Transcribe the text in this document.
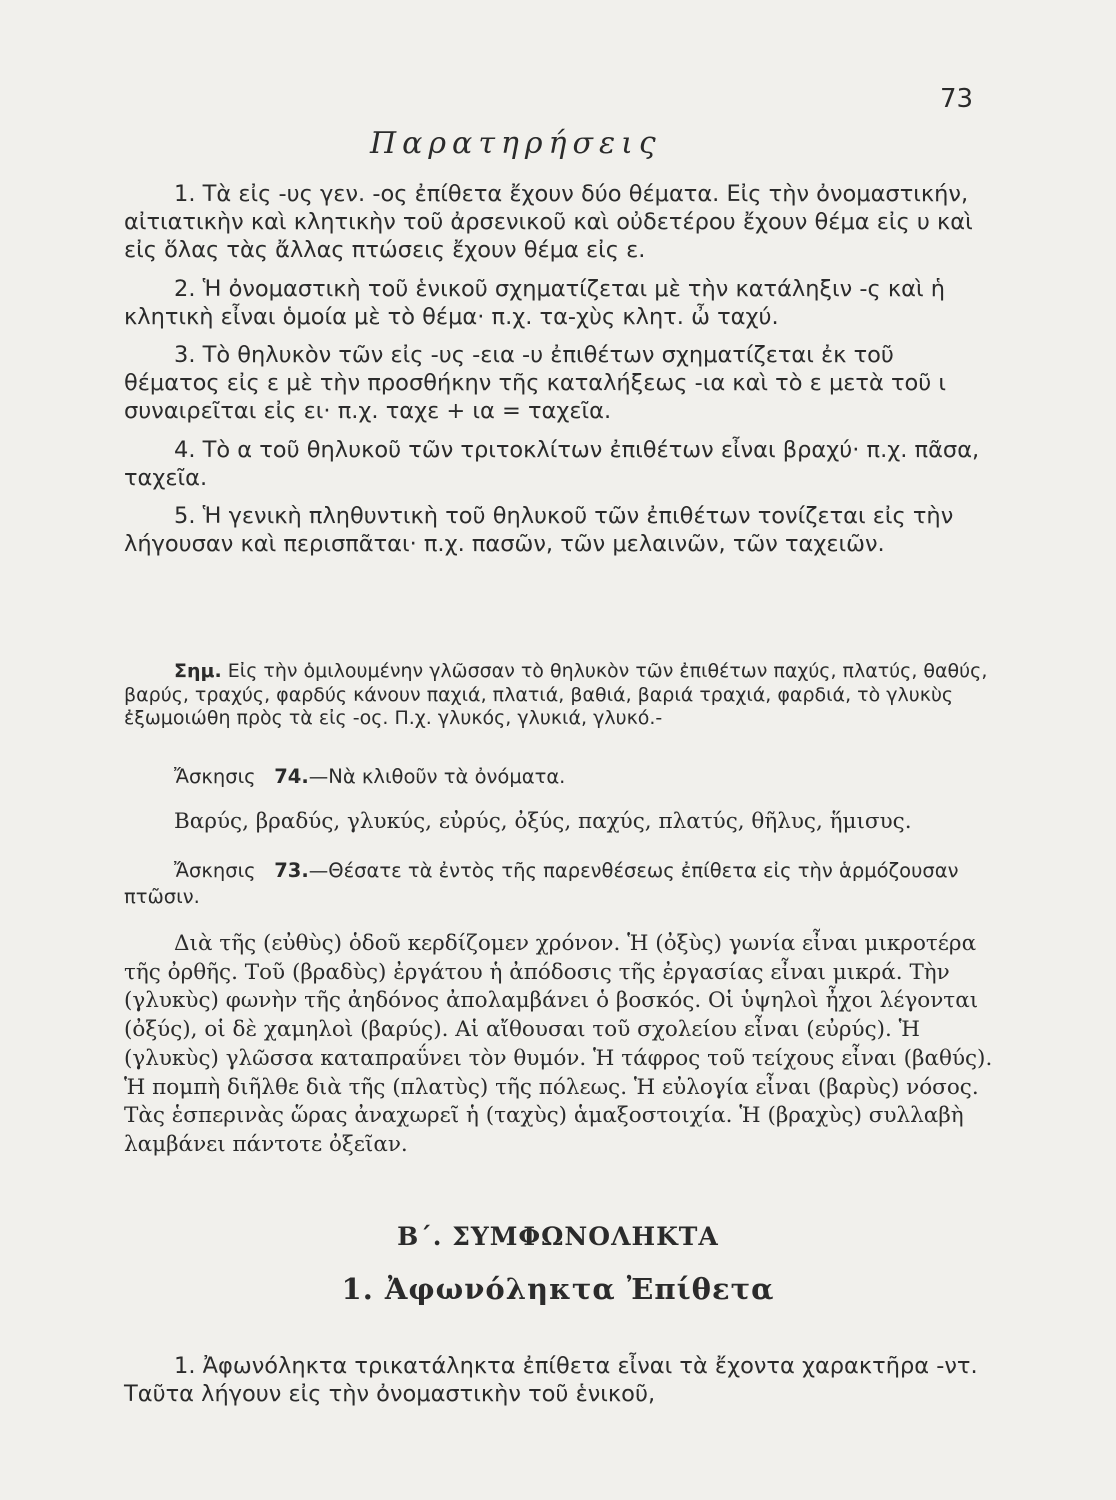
73
Παρατηρήσεις

1. Τὰ εἰς -υς γεν. -ος ἐπίθετα ἔχουν δύο θέματα. Εἰς τὴν ὀνομαστικήν, αἰτιατικὴν καὶ κλητικὴν τοῦ ἀρσενικοῦ καὶ οὐδετέρου ἔχουν θέμα εἰς υ καὶ εἰς ὅλας τὰς ἄλλας πτώσεις ἔχουν θέμα εἰς ε.

2. Ἡ ὀνομαστικὴ τοῦ ἑνικοῦ σχηματίζεται μὲ τὴν κατάληξιν -ς καὶ ἡ κλητικὴ εἶναι ὁμοία μὲ τὸ θέμα· π.χ. τα-χὺς κλητ. ὦ ταχύ.

3. Τὸ θηλυκὸν τῶν εἰς -υς -εια -υ ἐπιθέτων σχηματίζεται ἐκ τοῦ θέματος εἰς ε μὲ τὴν προσθήκην τῆς καταλήξεως -ια καὶ τὸ ε μετὰ τοῦ ι συναιρεῖται εἰς ει· π.χ. ταχε + ια = ταχεῖα.

4. Τὸ α τοῦ θηλυκοῦ τῶν τριτοκλίτων ἐπιθέτων εἶναι βραχύ· π.χ. πᾶσα, ταχεῖα.

5. Ἡ γενικὴ πληθυντικὴ τοῦ θηλυκοῦ τῶν ἐπιθέτων τονίζεται εἰς τὴν λήγουσαν καὶ περισπᾶται· π.χ. πασῶν, τῶν μελαινῶν, τῶν ταχειῶν.

Σημ. Εἰς τὴν ὁμιλουμένην γλῶσσαν τὸ θηλυκὸν τῶν ἐπιθέτων παχύς, πλατύς, θαθύς, βαρύς, τραχύς, φαρδύς κάνουν παχιά, πλατιά, βαθιά, βαριά τραχιά, φαρδιά, τὸ γλυκὺς ἐξωμοιώθη πρὸς τὰ εἰς -ος. Π.χ. γλυκός, γλυκιά, γλυκό.-

Ἄσκησις 74.—Νὰ κλιθοῦν τὰ ὀνόματα.

Βαρύς, βραδύς, γλυκύς, εὐρύς, ὀξύς, παχύς, πλατύς, θῆλυς, ἥμισυς.

Ἄσκησις 73.—Θέσατε τὰ ἐντὸς τῆς παρενθέσεως ἐπίθετα εἰς τὴν ἁρμόζουσαν πτῶσιν.

Διὰ τῆς (εὐθὺς) ὁδοῦ κερδίζομεν χρόνον. Ἡ (ὀξὺς) γωνία εἶναι μικροτέρα τῆς ὀρθῆς. Τοῦ (βραδὺς) ἐργάτου ἡ ἀπόδοσις τῆς ἐργασίας εἶναι μικρά. Τὴν (γλυκὺς) φωνὴν τῆς ἀηδόνος ἀπολαμβάνει ὁ βοσκός. Οἱ ὑψηλοὶ ἦχοι λέγονται (ὀξύς), οἱ δὲ χαμηλοὶ (βαρύς). Αἱ αἴθουσαι τοῦ σχολείου εἶναι (εὐρύς). Ἡ (γλυκὺς) γλῶσσα καταπραΰνει τὸν θυμόν. Ἡ τάφρος τοῦ τείχους εἶναι (βαθύς).

Ἡ πομπὴ διῆλθε διὰ τῆς (πλατὺς) τῆς πόλεως. Ἡ εὐλογία εἶναι (βαρὺς) νόσος. Τὰς ἑσπερινὰς ὥρας ἀναχωρεῖ ἡ (ταχὺς) ἁμαξοστοιχία. Ἡ (βραχὺς) συλλαβὴ λαμβάνει πάντοτε ὀξεῖαν.

Β΄. ΣΥΜΦΩΝΟΛΗΚΤΑ
1. Ἀφωνόληκτα Ἐπίθετα

1. Ἀφωνόληκτα τρικατάληκτα ἐπίθετα εἶναι τὰ ἔχοντα χαρακτῆρα -ντ. Ταῦτα λήγουν εἰς τὴν ὀνομαστικὴν τοῦ ἑνικοῦ,
